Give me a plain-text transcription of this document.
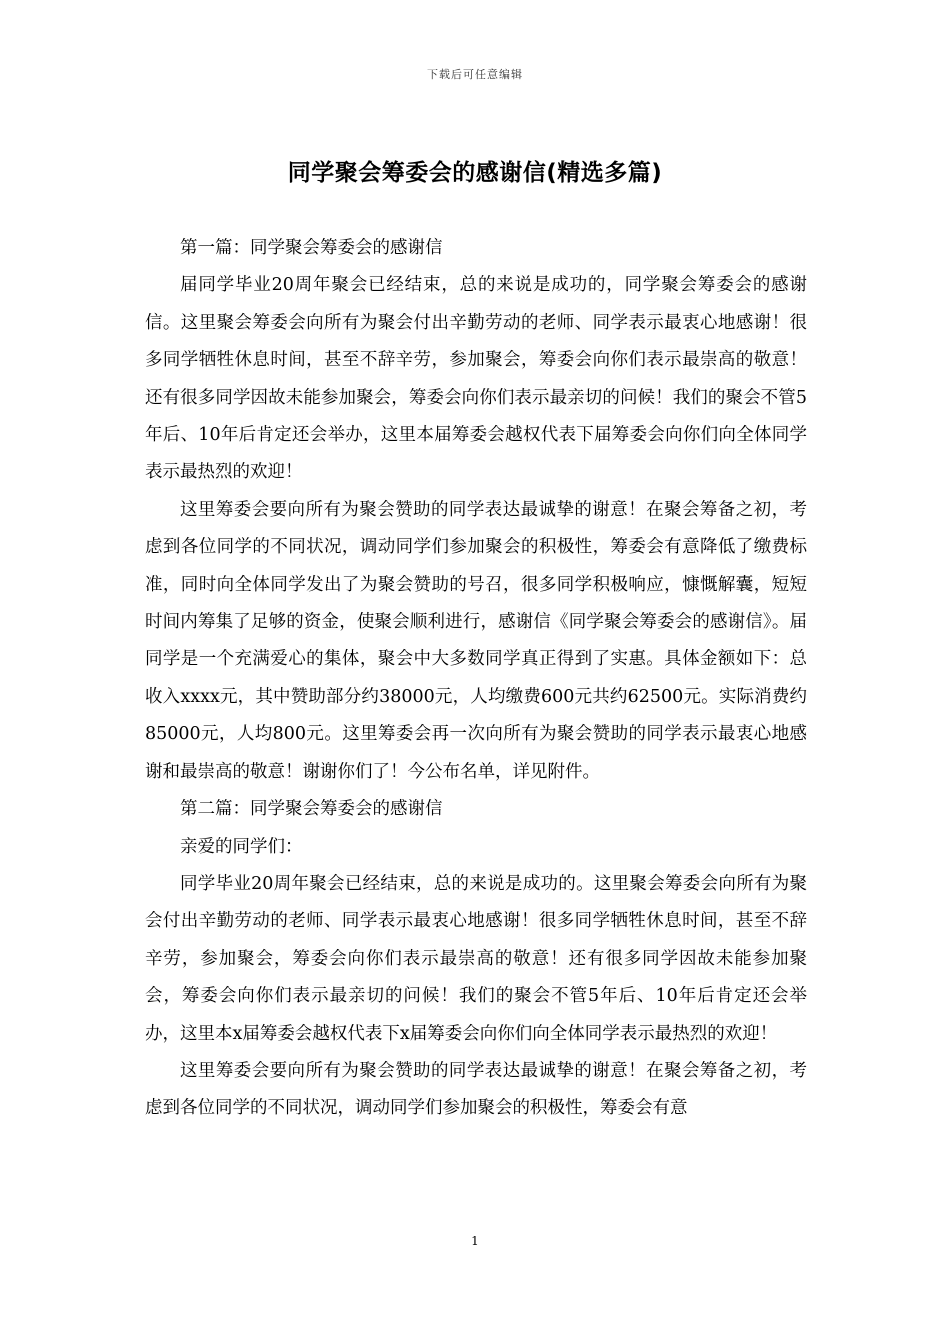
下载后可任意编辑
同学聚会筹委会的感谢信(精选多篇)

第一篇：同学聚会筹委会的感谢信

届同学毕业20周年聚会已经结束，总的来说是成功的，同学聚会筹委会的感谢信。这里聚会筹委会向所有为聚会付出辛勤劳动的老师、同学表示最衷心地感谢！很多同学牺牲休息时间，甚至不辞辛劳，参加聚会，筹委会向你们表示最崇高的敬意！还有很多同学因故未能参加聚会，筹委会向你们表示最亲切的问候！我们的聚会不管5年后、10年后肯定还会举办，这里本届筹委会越权代表下届筹委会向你们向全体同学表示最热烈的欢迎！

这里筹委会要向所有为聚会赞助的同学表达最诚挚的谢意！在聚会筹备之初，考虑到各位同学的不同状况，调动同学们参加聚会的积极性，筹委会有意降低了缴费标准，同时向全体同学发出了为聚会赞助的号召，很多同学积极响应，慷慨解囊，短短时间内筹集了足够的资金，使聚会顺利进行，感谢信《同学聚会筹委会的感谢信》。届同学是一个充满爱心的集体，聚会中大多数同学真正得到了实惠。具体金额如下：总收入xxxx元，其中赞助部分约38000元，人均缴费600元共约62500元。实际消费约85000元，人均800元。这里筹委会再一次向所有为聚会赞助的同学表示最衷心地感谢和最崇高的敬意！谢谢你们了！今公布名单，详见附件。

第二篇：同学聚会筹委会的感谢信

亲爱的同学们：

同学毕业20周年聚会已经结束，总的来说是成功的。这里聚会筹委会向所有为聚会付出辛勤劳动的老师、同学表示最衷心地感谢！很多同学牺牲休息时间，甚至不辞辛劳，参加聚会，筹委会向你们表示最崇高的敬意！还有很多同学因故未能参加聚会，筹委会向你们表示最亲切的问候！我们的聚会不管5年后、10年后肯定还会举办，这里本x届筹委会越权代表下x届筹委会向你们向全体同学表示最热烈的欢迎！

这里筹委会要向所有为聚会赞助的同学表达最诚挚的谢意！在聚会筹备之初，考虑到各位同学的不同状况，调动同学们参加聚会的积极性，筹委会有意

1
